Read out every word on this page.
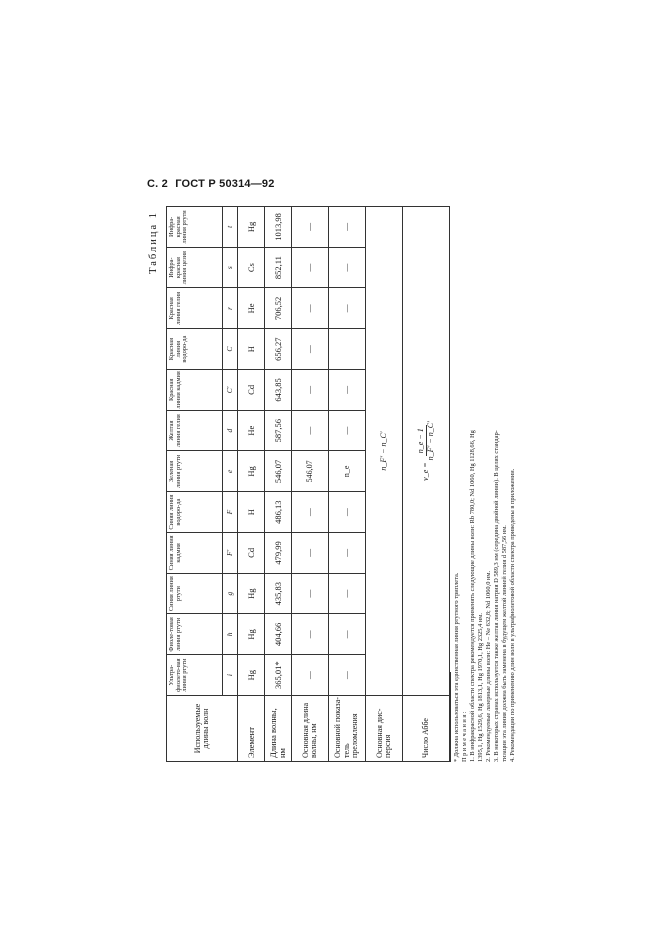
С. 2 ГОСТ Р 50314—92
Таблица 1
Используемые длины волн	Ультра-фиолето-вая линия ртути	Фиолe-товая линия ртути	Синяя линия ртути	Синяя линия кадмия	Синяя линия водоро-да	Зеленая линия ртути	Желтая линия гелия	Красная линия кадмия	Красная линия водоро-да	Красная линия гелия	Инфра-красная линия цезия	Инфра-красная линия ртути
	i	h	g	F′	F	e	d	C′	C	r	s	t
Элемент	Hg	Hg	Hg	Cd	H	Hg	He	Cd	H	He	Cs	Hg
Длина волны, нм	365,01*	404,66	435,83	479,99	486,13	546,07	587,56	643,85	656,27	706,52	852,11	1013,98
Основная длина волны, нм	—	—	—	—	—	546,07	—	—	—	—	—	—
Основной показа-тель преломления	—	—	—	—	—	n_e	—	—		—	—	—
Основная дис-персия	n_F′ − n_C′											
Число Аббе	ν_e =
n_e − 1 n_F′ − n_C′											
* Должна использоваться эта единственная линия ртутного триплета. Примечания: 1. В инфракрасной области спектра рекомендуется применять следующие длины волн: Rb 780,0; Nd 1060, Hg 1128,66, Hg 1395,1, Hg 1529,6, Hg 1813,1, Hg 1970,1, Hg 2325,4 нм. 2. Рекомендуемые лазерные длины волн: He – Ne 632,8; Nd 1060,0 нм. 3. В некоторых странах используется также желтая линия натрия D 589,3 нм (середина двойной линии). В целях стандар- тизации эта линия должна быть заменена в будущем желтой линией гелия d 587,56 нм. 4. Рекомендации по применению длин волн в ультрафиолетовой области спектра приведены в приложении.
